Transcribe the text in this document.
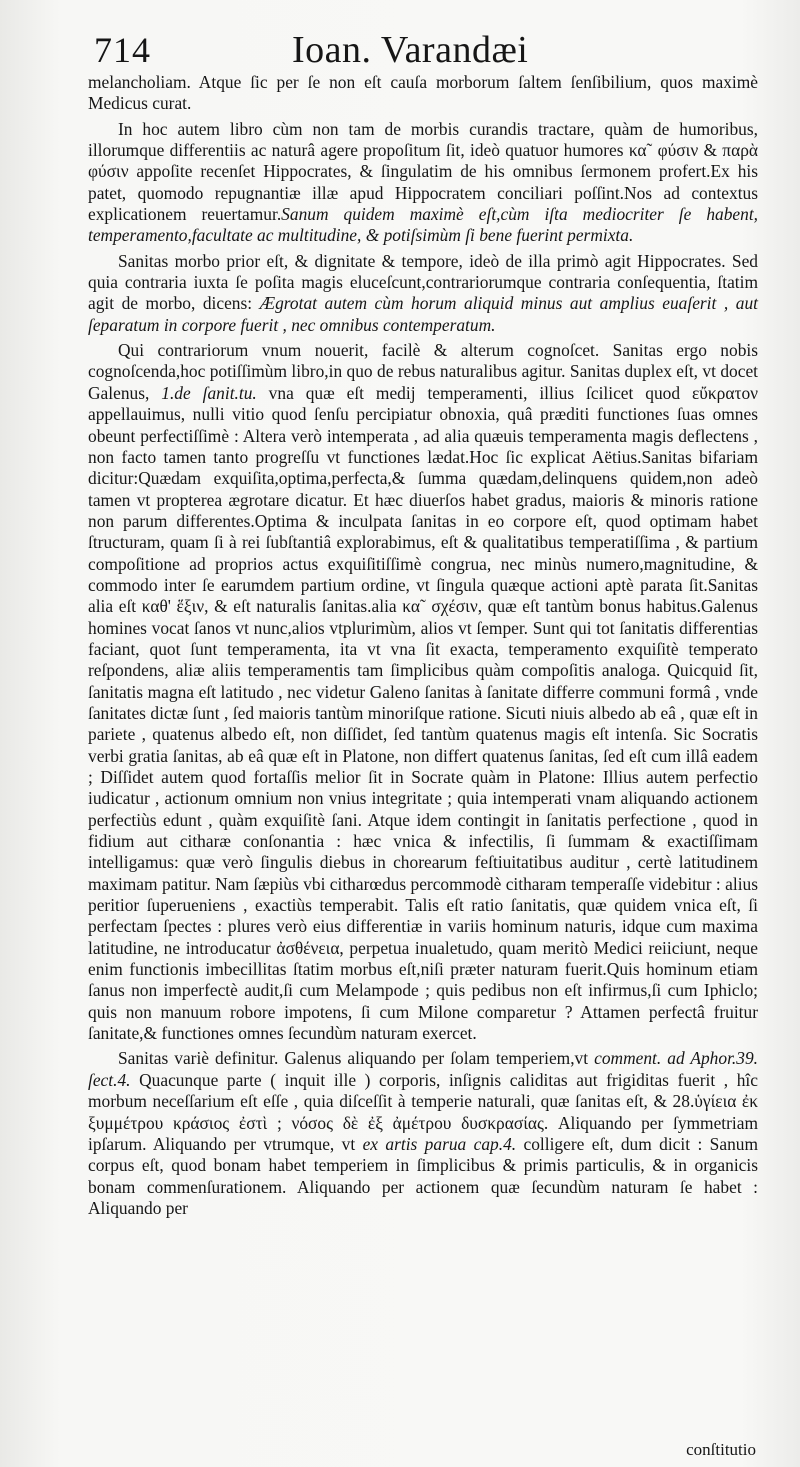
714	Ioan. Varandæi

melancholiam. Atque ſic per ſe non eſt cauſa morborum ſaltem ſenſibilium, quos maximè Medicus curat.

In hoc autem libro cùm non tam de morbis curandis tractare, quàm de humoribus, illorumque differentiis ac naturâ agere propoſitum ſit, ideò quatuor humores κα῀ φύσιν & παρὰ φύσιν appoſite recenſet Hippocrates, & ſingulatim de his omnibus ſermonem profert.Ex his patet, quomodo repugnantiæ illæ apud Hippocratem conciliari poſſint.Nos ad contextus explicationem reuertamur.Sanum quidem maximè eſt,cùm iſta mediocriter ſe habent, temperamento,facultate ac multitudine, & potiſsimùm ſi bene fuerint permixta.

Sanitas morbo prior eſt, & dignitate & tempore, ideò de illa primò agit Hippocrates. Sed quia contraria iuxta ſe poſita magis eluceſcunt,contrariorumque contraria conſequentia, ſtatim agit de morbo, dicens: Ægrotat autem cùm horum aliquid minus aut amplius euaſerit , aut ſeparatum in corpore fuerit , nec omnibus contemperatum.

Qui contrariorum vnum nouerit, facilè & alterum cognoſcet. Sanitas ergo nobis cognoſcenda,hoc potiſſimùm libro,in quo de rebus naturalibus agitur. Sanitas duplex eſt, vt docet Galenus, 1.de ſanit.tu. vna quæ eſt medij temperamenti, illius ſcilicet quod εὔκρατον appellauimus, nulli vitio quod ſenſu percipiatur obnoxia, quâ præditi functiones ſuas omnes obeunt perfectiſſimè : Altera verò intemperata , ad alia quæuis temperamenta magis deflectens , non facto tamen tanto progreſſu vt functiones lædat.Hoc ſic explicat Aëtius.Sanitas bifariam dicitur:Quædam exquiſita,optima,perfecta,& ſumma quædam,delinquens quidem,non adeò tamen vt propterea ægrotare dicatur. Et hæc diuerſos habet gradus, maioris & minoris ratione non parum differentes.Optima & inculpata ſanitas in eo corpore eſt, quod optimam habet ſtructuram, quam ſi à rei ſubſtantiâ explorabimus, eſt & qualitatibus temperatiſſima , & partium compoſitione ad proprios actus exquiſitiſſimè congrua, nec minùs numero,magnitudine, & commodo inter ſe earumdem partium ordine, vt ſingula quæque actioni aptè parata ſit.Sanitas alia eſt καθ' ἕξιν, & eſt naturalis ſanitas.alia κα῀ σχέσιν, quæ eſt tantùm bonus habitus.Galenus homines vocat ſanos vt nunc,alios vtplurimùm, alios vt ſemper. Sunt qui tot ſanitatis differentias faciant, quot ſunt temperamenta, ita vt vna ſit exacta, temperamento exquiſitè temperato reſpondens, aliæ aliis temperamentis tam ſimplicibus quàm compoſitis analoga. Quicquid ſit, ſanitatis magna eſt latitudo , nec videtur Galeno ſanitas à ſanitate differre communi formâ , vnde ſanitates dictæ ſunt , ſed maioris tantùm minoriſque ratione. Sicuti niuis albedo ab eâ , quæ eſt in pariete , quatenus albedo eſt, non diſſidet, ſed tantùm quatenus magis eſt intenſa. Sic Socratis verbi gratia ſanitas, ab eâ quæ eſt in Platone, non differt quatenus ſanitas, ſed eſt cum illâ eadem ; Diſſidet autem quod fortaſſis melior ſit in Socrate quàm in Platone: Illius autem perfectio iudicatur , actionum omnium non vnius integritate ; quia intemperati vnam aliquando actionem perfectiùs edunt , quàm exquiſitè ſani. Atque idem contingit in ſanitatis perfectione , quod in fidium aut citharæ conſonantia : hæc vnica & infectilis, ſi ſummam & exactiſſimam intelligamus: quæ verò ſingulis diebus in chorearum feſtiuitatibus auditur , certè latitudinem maximam patitur. Nam ſæpiùs vbi citharœdus percommodè citharam temperaſſe videbitur : alius peritior ſuperueniens , exactiùs temperabit. Talis eſt ratio ſanitatis, quæ quidem vnica eſt, ſi perfectam ſpectes : plures verò eius differentiæ in variis hominum naturis, idque cum maxima latitudine, ne introducatur ἀσθένεια, perpetua inualetudo, quam meritò Medici reiiciunt, neque enim functionis imbecillitas ſtatim morbus eſt,niſi præter naturam fuerit.Quis hominum etiam ſanus non imperfectè audit,ſi cum Melampode ; quis pedibus non eſt infirmus,ſi cum Iphiclo; quis non manuum robore impotens, ſi cum Milone comparetur ? Attamen perfectâ fruitur ſanitate,& functiones omnes ſecundùm naturam exercet.

Sanitas variè definitur. Galenus aliquando per ſolam temperiem,vt comment. ad Aphor.39. ſect.4. Quacunque parte ( inquit ille ) corporis, inſignis caliditas aut frigiditas fuerit , hîc morbum neceſſarium eſt eſſe , quia diſceſſit à temperie naturali, quæ ſanitas eſt, & 28.ὑγίεια ἐκ ξυμμέτρου κράσιος ἐστὶ ; νόσος δὲ ἐξ ἀμέτρου δυσκρασίας. Aliquando per ſymmetriam ipſarum. Aliquando per vtrumque, vt ex artis parua cap.4. colligere eſt, dum dicit : Sanum corpus eſt, quod bonam habet temperiem in ſimplicibus & primis particulis, & in organicis bonam commenſurationem. Aliquando per actionem quæ ſecundùm naturam ſe habet : Aliquando per

conſtitutio
